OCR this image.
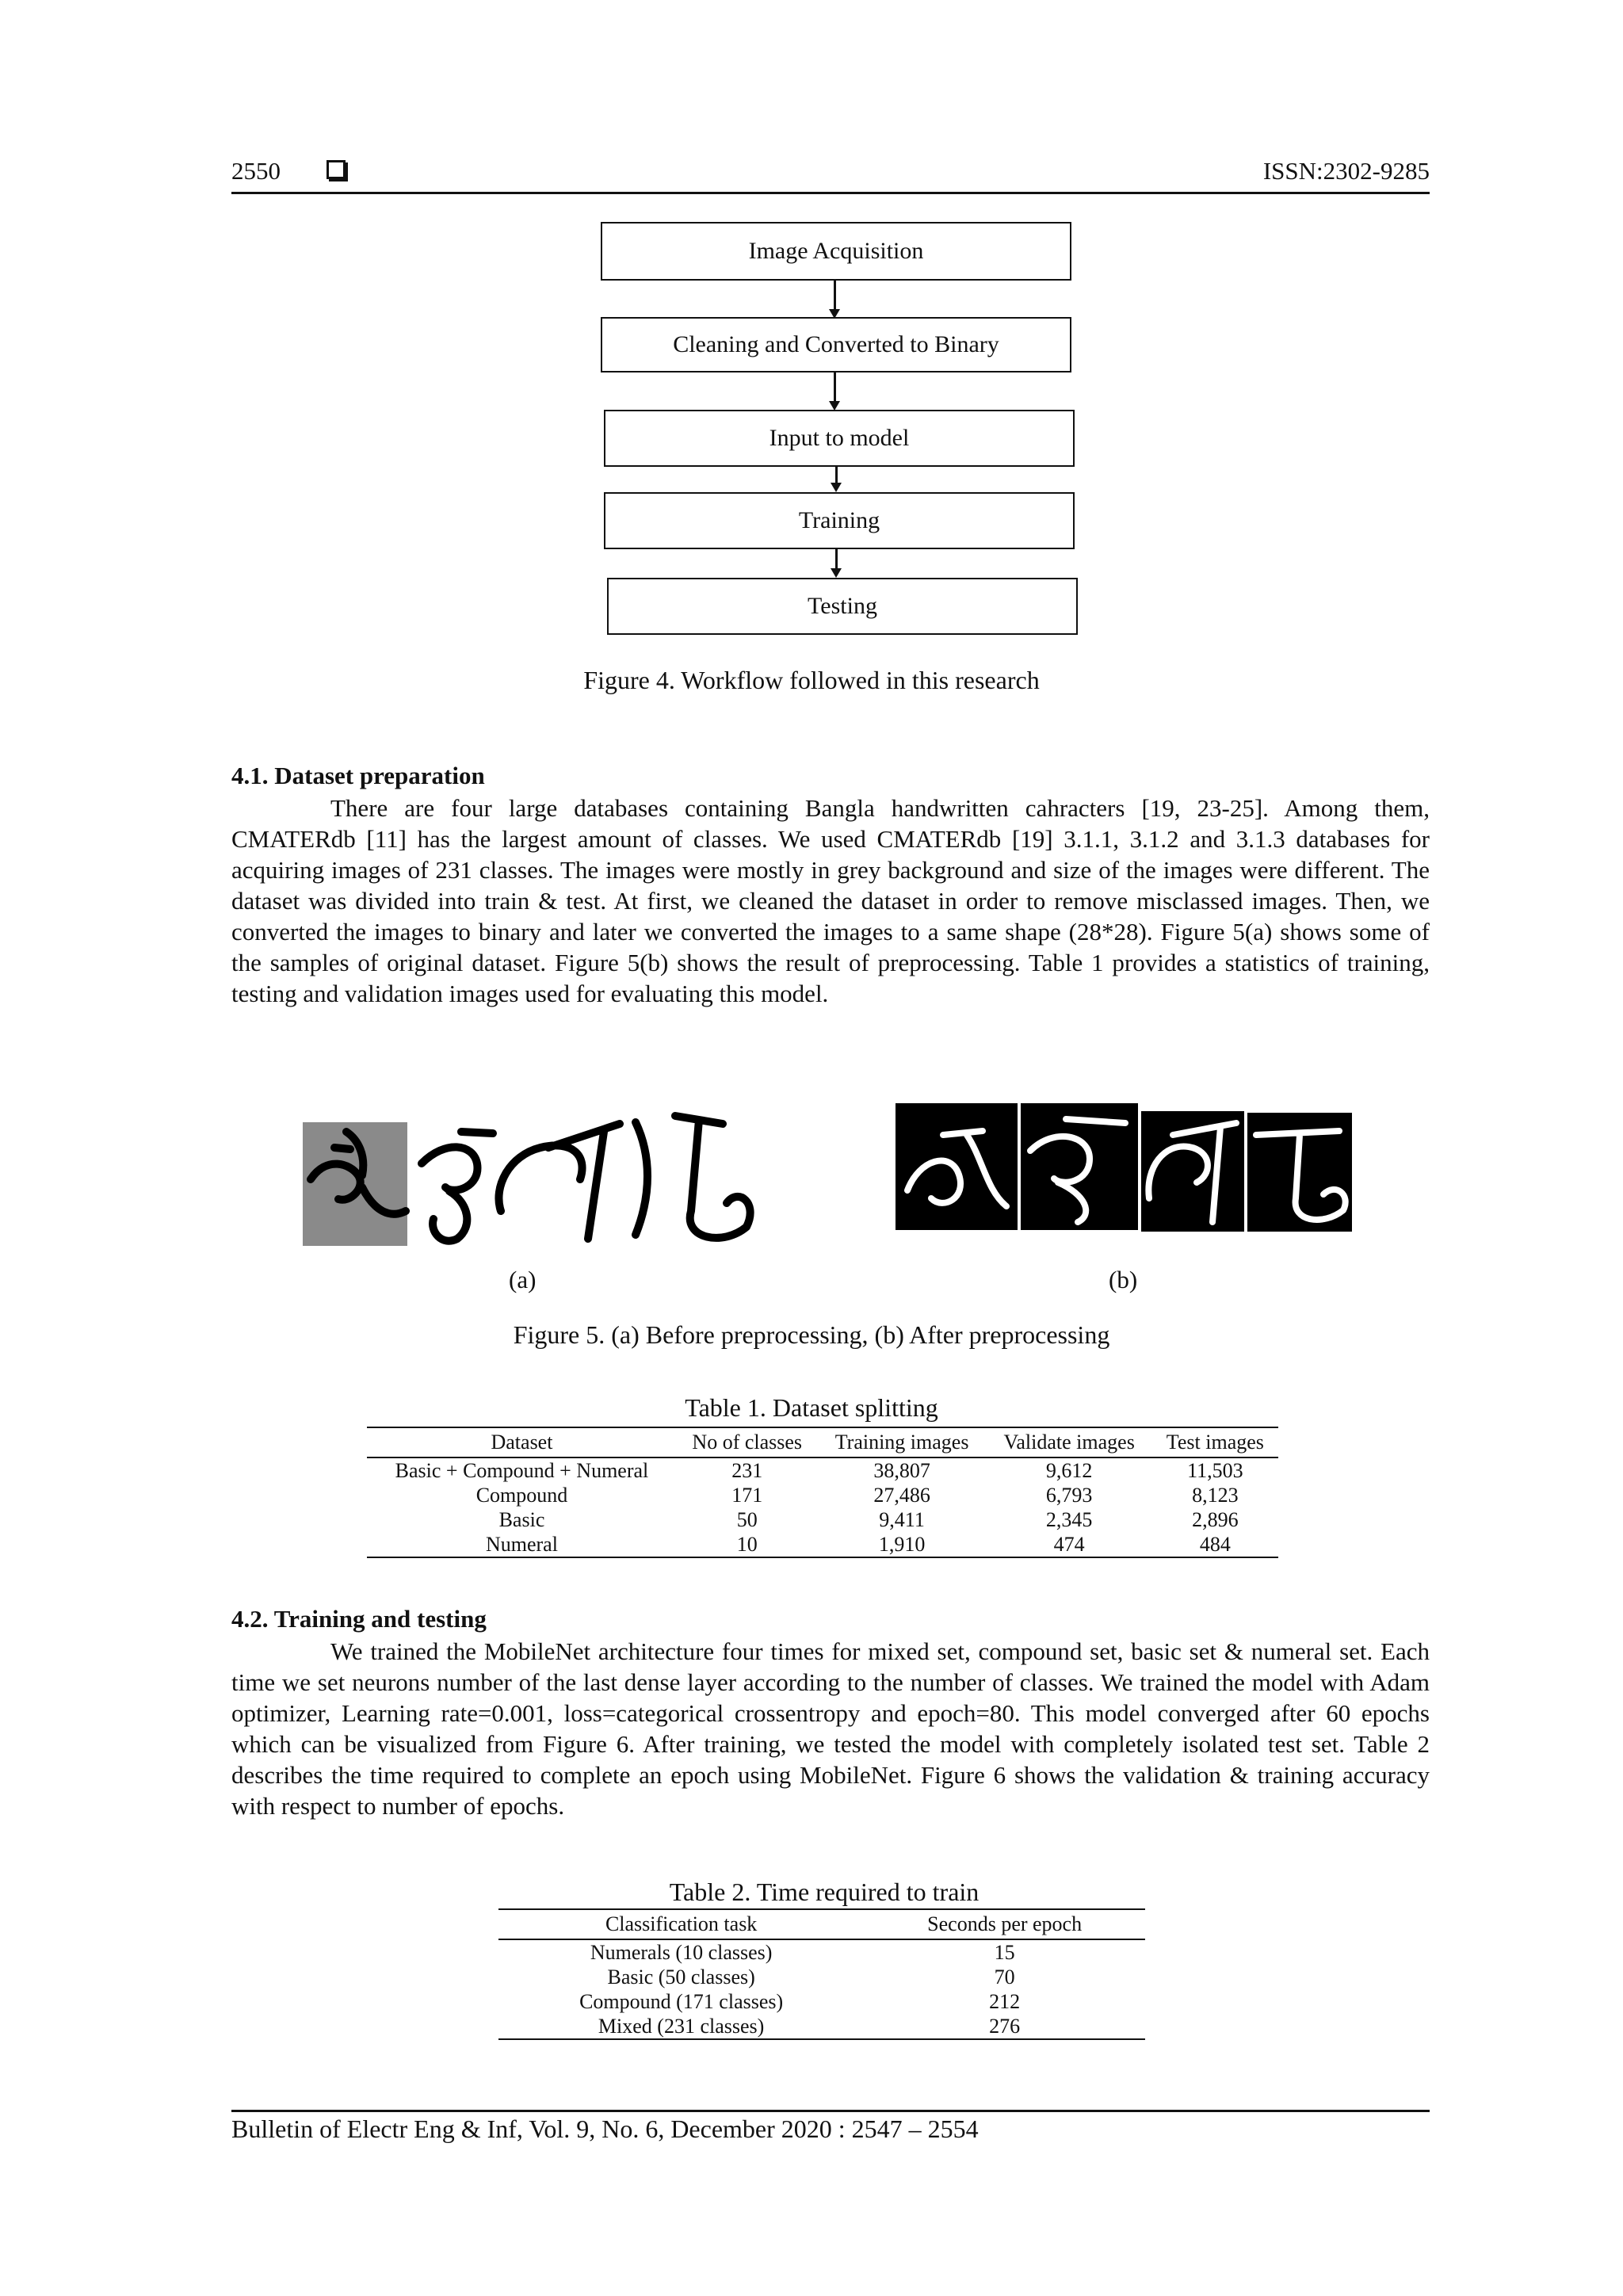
2550	ISSN:2302-9285
Image Acquisition
Cleaning and Converted to Binary
Input to model
Training
Testing
Figure 4. Workflow followed in this research
4.1. Dataset preparation

There are four large databases containing Bangla handwritten cahracters [19, 23-25]. Among them, CMATERdb [11] has the largest amount of classes. We used CMATERdb [19] 3.1.1, 3.1.2 and 3.1.3 databases for acquiring images of 231 classes. The images were mostly in grey background and size of the images were different. The dataset was divided into train & test. At first, we cleaned the dataset in order to remove misclassed images. Then, we converted the images to binary and later we converted the images to a same shape (28*28). Figure 5(a) shows some of the samples of original dataset. Figure 5(b) shows the result of preprocessing. Table 1 provides a statistics of training, testing and validation images used for evaluating this model.

(a)	(b)
Figure 5. (a) Before preprocessing, (b) After preprocessing
Table 1. Dataset splitting
Dataset	No of classes	Training images	Validate images	Test images
Basic + Compound + Numeral	231	38,807	9,612	11,503
Compound	171	27,486	6,793	8,123
Basic	50	9,411	2,345	2,896
Numeral	10	1,910	474	484
4.2. Training and testing

We trained the MobileNet architecture four times for mixed set, compound set, basic set & numeral set. Each time we set neurons number of the last dense layer according to the number of classes. We trained the model with Adam optimizer, Learning rate=0.001, loss=categorical crossentropy and epoch=80. This model converged after 60 epochs which can be visualized from Figure 6. After training, we tested the model with completely isolated test set. Table 2 describes the time required to complete an epoch using MobileNet. Figure 6 shows the validation & training accuracy with respect to number of epochs.

Table 2. Time required to train
Classification task	Seconds per epoch
Numerals (10 classes)	15
Basic (50 classes)	70
Compound (171 classes)	212
Mixed (231 classes)	276
Bulletin of Electr Eng & Inf, Vol. 9, No. 6, December 2020 : 2547 – 2554
